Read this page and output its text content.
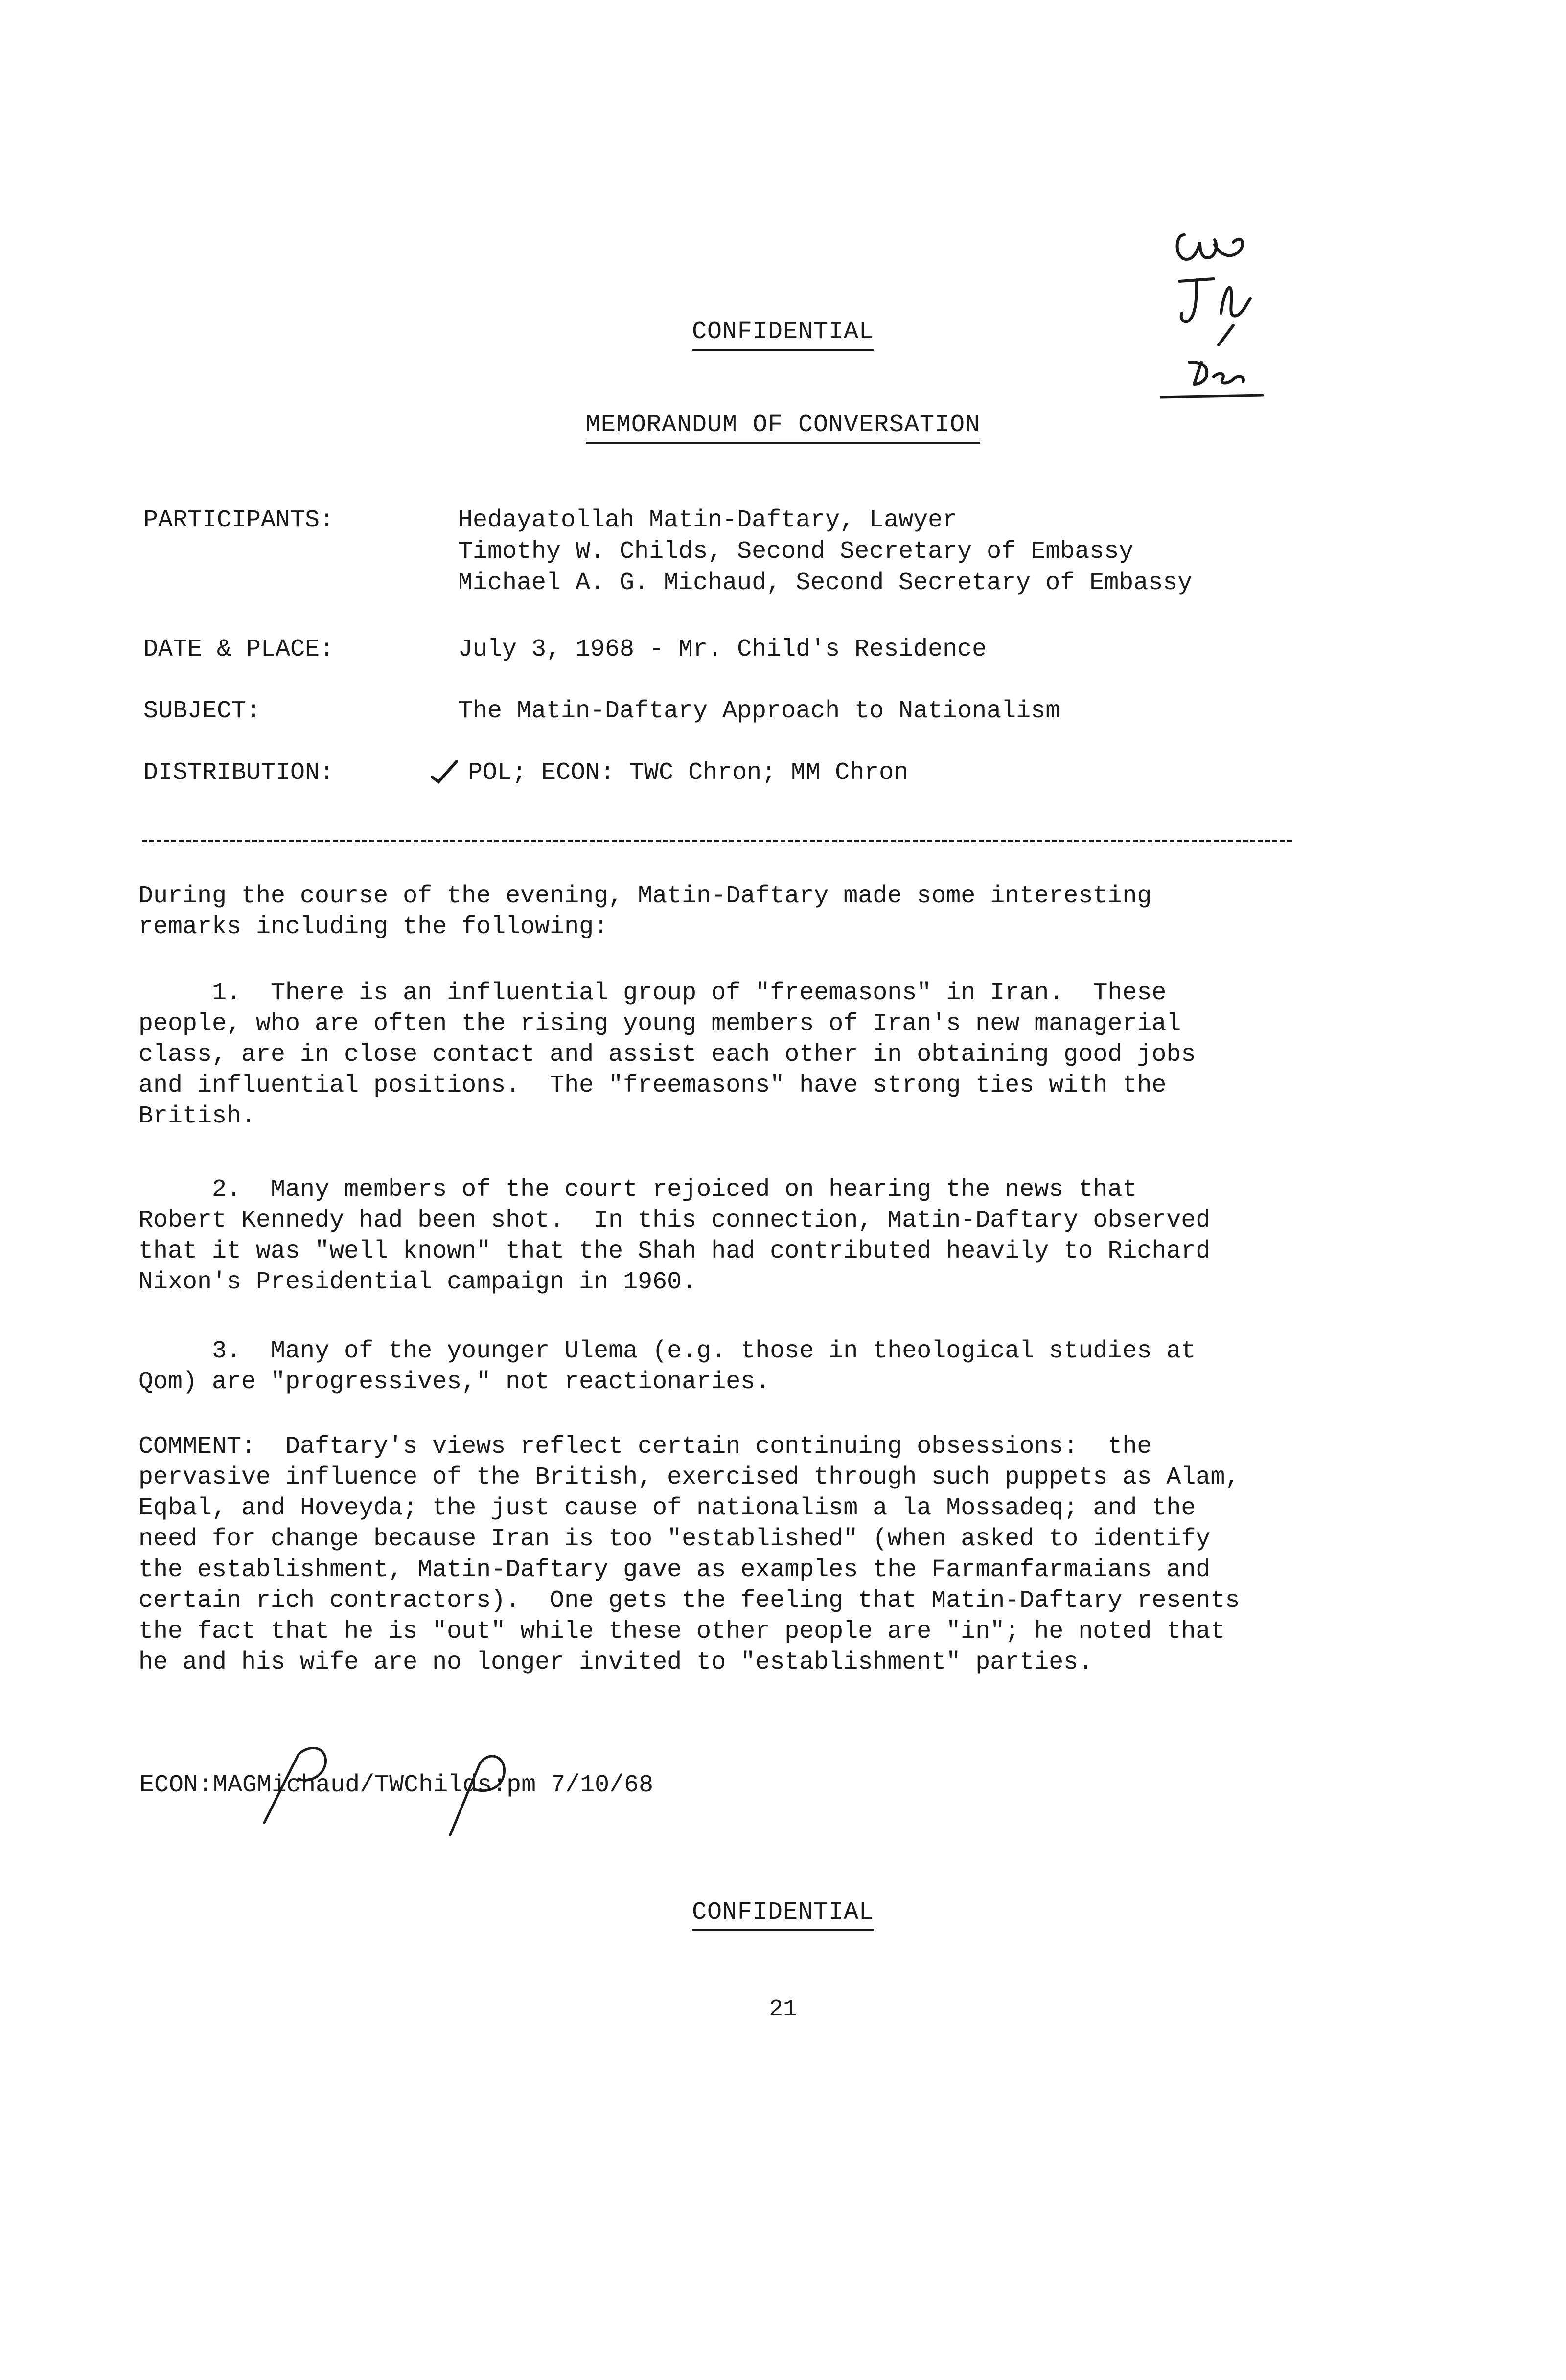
CONFIDENTIAL
MEMORANDUM OF CONVERSATION
PARTICIPANTS:	Hedayatollah Matin-Daftary, Lawyer
Timothy W. Childs, Second Secretary of Embassy
Michael A. G. Michaud, Second Secretary of Embassy
DATE & PLACE:	July 3, 1968 - Mr. Child's Residence
SUBJECT:	The Matin-Daftary Approach to Nationalism
DISTRIBUTION:	POL; ECON: TWC Chron; MM Chron
During the course of the evening, Matin-Daftary made some interesting
remarks including the following:
1.  There is an influential group of "freemasons" in Iran.  These
people, who are often the rising young members of Iran's new managerial
class, are in close contact and assist each other in obtaining good jobs
and influential positions.  The "freemasons" have strong ties with the
British.
2.  Many members of the court rejoiced on hearing the news that
Robert Kennedy had been shot.  In this connection, Matin-Daftary observed
that it was "well known" that the Shah had contributed heavily to Richard
Nixon's Presidential campaign in 1960.
3.  Many of the younger Ulema (e.g. those in theological studies at
Qom) are "progressives," not reactionaries.
COMMENT:  Daftary's views reflect certain continuing obsessions:  the
pervasive influence of the British, exercised through such puppets as Alam,
Eqbal, and Hoveyda; the just cause of nationalism a la Mossadeq; and the
need for change because Iran is too "established" (when asked to identify
the establishment, Matin-Daftary gave as examples the Farmanfarmaians and
certain rich contractors).  One gets the feeling that Matin-Daftary resents
the fact that he is "out" while these other people are "in"; he noted that
he and his wife are no longer invited to "establishment" parties.
ECON:MAGMichaud/TWChilds:pm 7/10/68
CONFIDENTIAL
21
